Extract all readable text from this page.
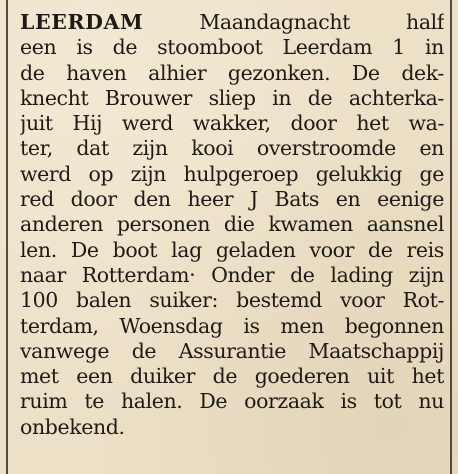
LEERDAM	Maandagnacht	half
een is de stoomboot Leerdam 1 in
de haven alhier gezonken. De dek-
knecht Brouwer sliep in de achterka-
juit Hij werd wakker, door het wa-
ter, dat zijn kooi overstroomde en
werd op zijn hulpgeroep gelukkig ge
red door den heer J Bats en eenige
anderen personen die kwamen aansnel
len. De boot lag geladen voor de reis
naar Rotterdam· Onder de lading zijn
100 balen suiker: bestemd voor Rot-
terdam, Woensdag is men begonnen
vanwege de Assurantie Maatschappij
met een duiker de goederen uit het
ruim te halen. De oorzaak is tot nu
onbekend.
